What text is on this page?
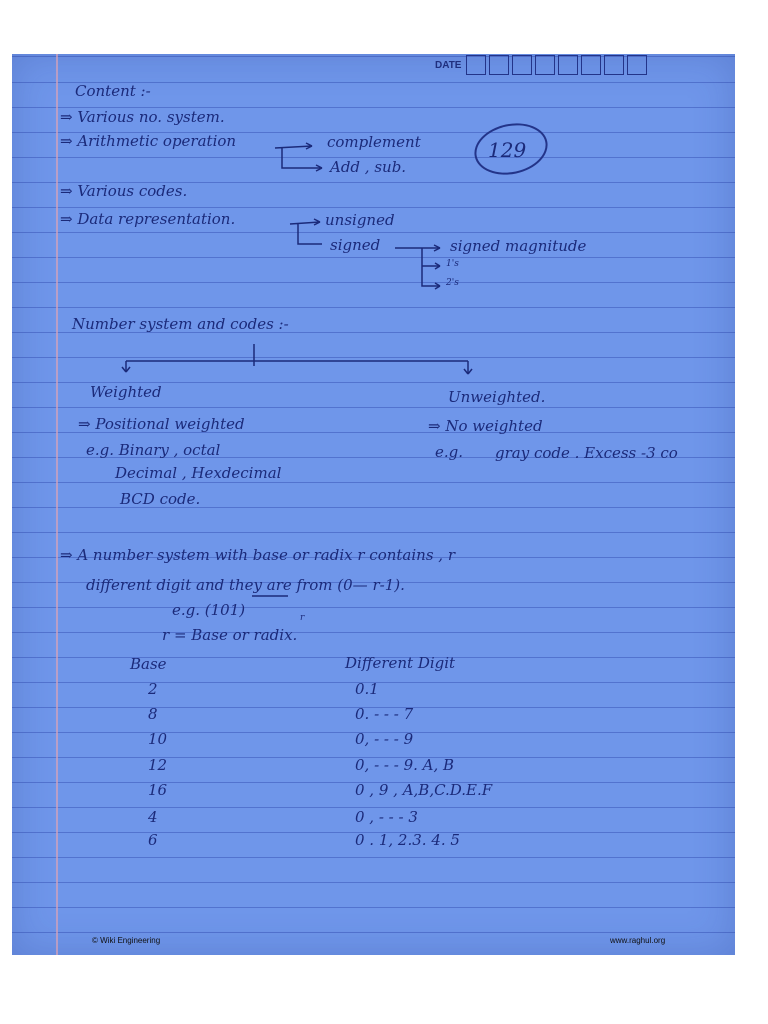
DATE
Content :-
⇒ Various no. system.
⇒ Arithmetic operation	complement
Add , sub.
129
⇒ Various codes.
⇒ Data representation.	unsigned
signed	signed magnitude
1's
2's
Number system and codes :-
Weighted	Unweighted.
⇒ Positional weighted	⇒ No weighted
e.g. Binary , octal	e.g. gray code . Excess -3 co
Decimal , Hexdecimal
BCD code.
⇒ A number system with base or radix r contains , r
different digit and they are from (0— r-1).
e.g. (101)	r
r = Base or radix.
Base	Different Digit
2	0.1
8	0. - - - 7
10	0, - - - 9
12	0, - - - 9. A, B
16	0 , 9 , A,B,C.D.E.F
4	0 , - - - 3
6	0 . 1, 2.3. 4. 5
© Wiki Engineering	www.raghul.org
